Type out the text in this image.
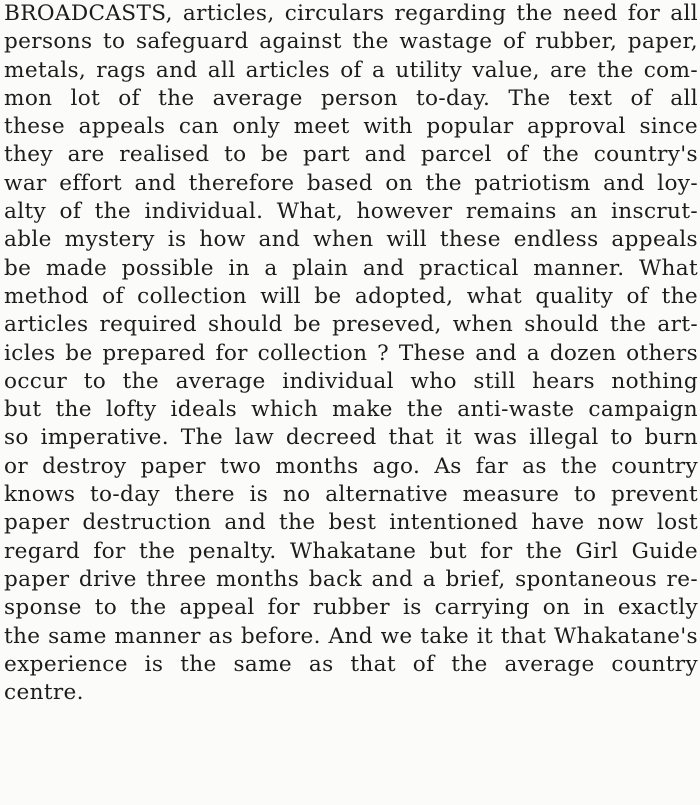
BROADCASTS, articles, circulars regarding the need for all
persons to safeguard against the wastage of rubber, paper,
metals, rags and all articles of a utility value, are the com-
mon lot of the average person to-day. The text of all
these appeals can only meet with popular approval since
they are realised to be part and parcel of the country's
war effort and therefore based on the patriotism and loy-
alty of the individual. What, however remains an inscrut-
able mystery is how and when will these endless appeals
be made possible in a plain and practical manner. What
method of collection will be adopted, what quality of the
articles required should be preseved, when should the art-
icles be prepared for collection ? These and a dozen others
occur to the average individual who still hears nothing
but the lofty ideals which make the anti-waste campaign
so imperative. The law decreed that it was illegal to burn
or destroy paper two months ago. As far as the country
knows to-day there is no alternative measure to prevent
paper destruction and the best intentioned have now lost
regard for the penalty. Whakatane but for the Girl Guide
paper drive three months back and a brief, spontaneous re-
sponse to the appeal for rubber is carrying on in exactly
the same manner as before. And we take it that Whakatane's
experience is the same as that of the average country
centre.
